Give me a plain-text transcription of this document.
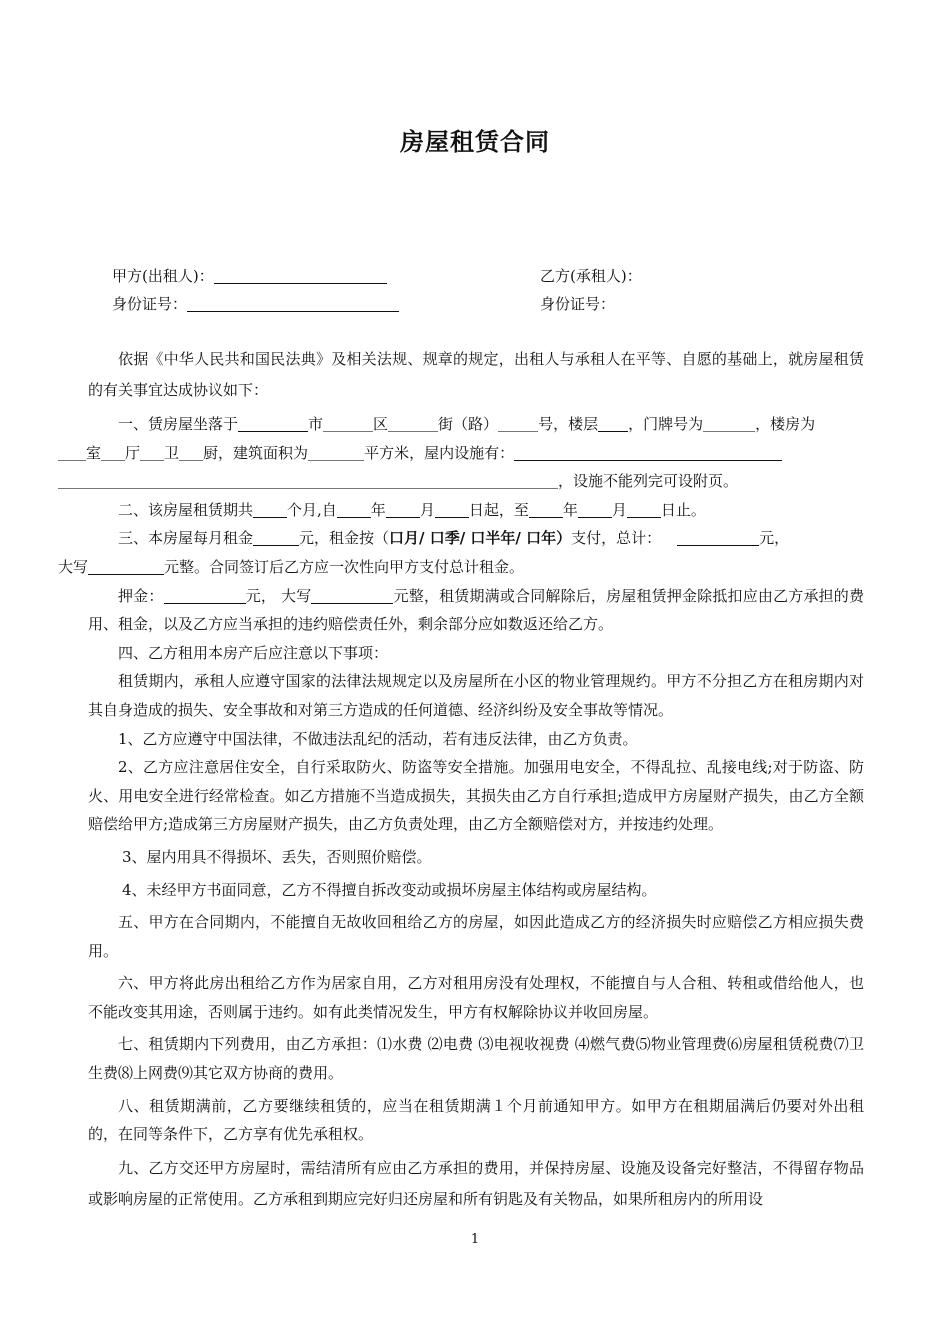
房屋租赁合同
甲方(出租人)：	乙方(承租人)：
身份证号：	身份证号：

依据《中华人民共和国民法典》及相关法规、规章的规定，出租人与承租人在平等、自愿的基础上，就房屋租赁的有关事宜达成协议如下：

一、赁房屋坐落于	市	区	街（路）	号，楼层 ，门牌号为	，楼房为
室 厅 卫 厨，建筑面积为	平方米，屋内设施有：
，设施不能列完可设附页。

二、该房屋租赁期共 个月,自 年 月 日起，至 年 月 日止。

三、本房屋每月租金	元，租金按（口月/ 口季/ 口半年/ 口年）支付，总计：	元，
大写	元整。合同签订后乙方应一次性向甲方支付总计租金。

押金：	元， 大写	元整，租赁期满或合同解除后，房屋租赁押金除抵扣应由乙方承担的费用、租金，以及乙方应当承担的违约赔偿责任外，剩余部分应如数返还给乙方。

四、乙方租用本房产后应注意以下事项：

租赁期内，承租人应遵守国家的法律法规规定以及房屋所在小区的物业管理规约。甲方不分担乙方在租房期内对其自身造成的损失、安全事故和对第三方造成的任何道德、经济纠纷及安全事故等情况。

1、乙方应遵守中国法律，不做违法乱纪的活动，若有违反法律，由乙方负责。

2、乙方应注意居住安全，自行采取防火、防盗等安全措施。加强用电安全，不得乱拉、乱接电线;对于防盗、防火、用电安全进行经常检查。如乙方措施不当造成损失，其损失由乙方自行承担;造成甲方房屋财产损失，由乙方全额赔偿给甲方;造成第三方房屋财产损失，由乙方负责处理，由乙方全额赔偿对方，并按违约处理。

3、屋内用具不得损坏、丢失，否则照价赔偿。

4、未经甲方书面同意，乙方不得擅自拆改变动或损坏房屋主体结构或房屋结构。

五、甲方在合同期内，不能擅自无故收回租给乙方的房屋，如因此造成乙方的经济损失时应赔偿乙方相应损失费用。

六、甲方将此房出租给乙方作为居家自用，乙方对租用房没有处理权，不能擅自与人合租、转租或借给他人，也不能改变其用途，否则属于违约。如有此类情况发生，甲方有权解除协议并收回房屋。

七、租赁期内下列费用，由乙方承担：⑴水费 ⑵电费 ⑶电视收视费 ⑷燃气费⑸物业管理费⑹房屋租赁税费⑺卫生费⑻上网费⑼其它双方协商的费用。

八、租赁期满前，乙方要继续租赁的，应当在租赁期满１个月前通知甲方。如甲方在租期届满后仍要对外出租的，在同等条件下，乙方享有优先承租权。

九、乙方交还甲方房屋时，需结清所有应由乙方承担的费用，并保持房屋、设施及设备完好整洁，不得留存物品或影响房屋的正常使用。乙方承租到期应完好归还房屋和所有钥匙及有关物品，如果所租房内的所用设

1
